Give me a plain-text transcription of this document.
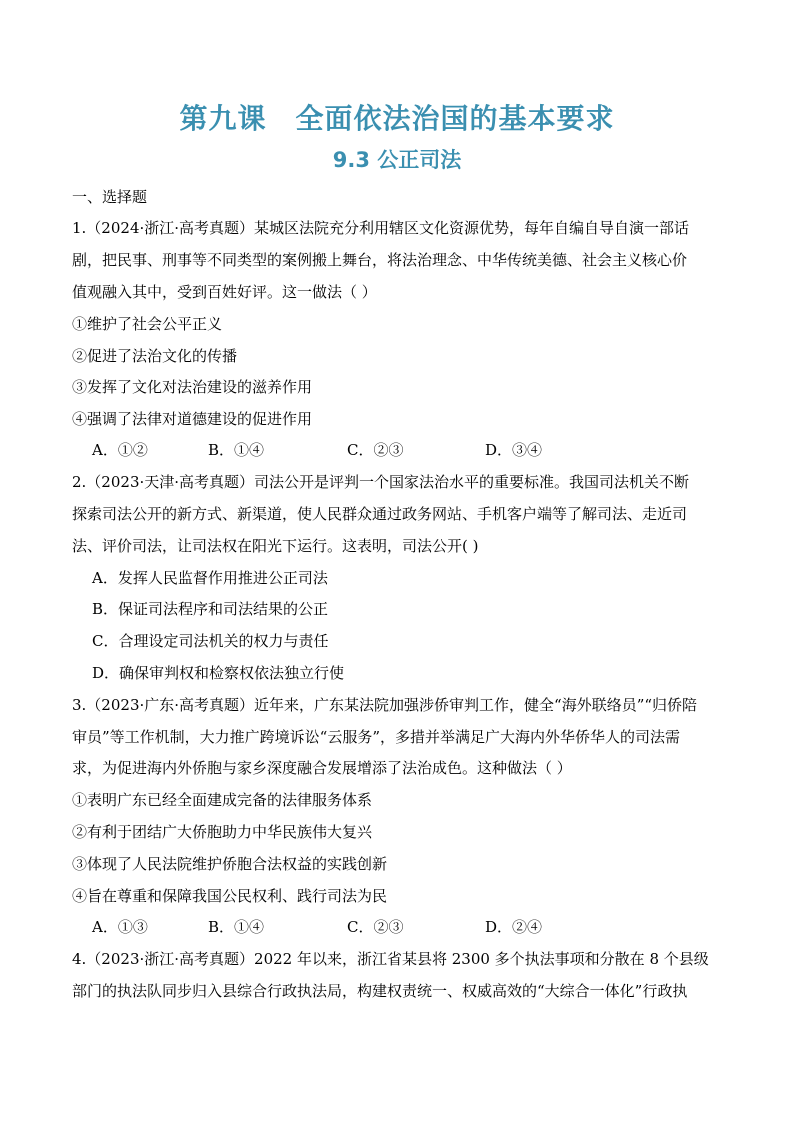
第九课　全面依法治国的基本要求
9.3 公正司法
一、选择题
1.（2024·浙江·高考真题）某城区法院充分利用辖区文化资源优势，每年自编自导自演一部话
剧，把民事、刑事等不同类型的案例搬上舞台，将法治理念、中华传统美德、社会主义核心价
值观融入其中，受到百姓好评。这一做法（ ）
①维护了社会公平正义
②促进了法治文化的传播
③发挥了文化对法治建设的滋养作用
④强调了法律对道德建设的促进作用
A．①②	B．①④	C．②③	D．③④
2.（2023·天津·高考真题）司法公开是评判一个国家法治水平的重要标准。我国司法机关不断
探索司法公开的新方式、新渠道，使人民群众通过政务网站、手机客户端等了解司法、走近司
法、评价司法，让司法权在阳光下运行。这表明，司法公开( )
A．发挥人民监督作用推进公正司法
B．保证司法程序和司法结果的公正
C．合理设定司法机关的权力与责任
D．确保审判权和检察权依法独立行使
3.（2023·广东·高考真题）近年来，广东某法院加强涉侨审判工作，健全“海外联络员”“归侨陪
审员”等工作机制，大力推广跨境诉讼“云服务”，多措并举满足广大海内外华侨华人的司法需
求，为促进海内外侨胞与家乡深度融合发展增添了法治成色。这种做法（ ）
①表明广东已经全面建成完备的法律服务体系
②有利于团结广大侨胞助力中华民族伟大复兴
③体现了人民法院维护侨胞合法权益的实践创新
④旨在尊重和保障我国公民权利、践行司法为民
A．①③	B．①④	C．②③	D．②④
4.（2023·浙江·高考真题）2022 年以来，浙江省某县将 2300 多个执法事项和分散在 8 个县级
部门的执法队同步归入县综合行政执法局，构建权责统一、权威高效的“大综合一体化”行政执
